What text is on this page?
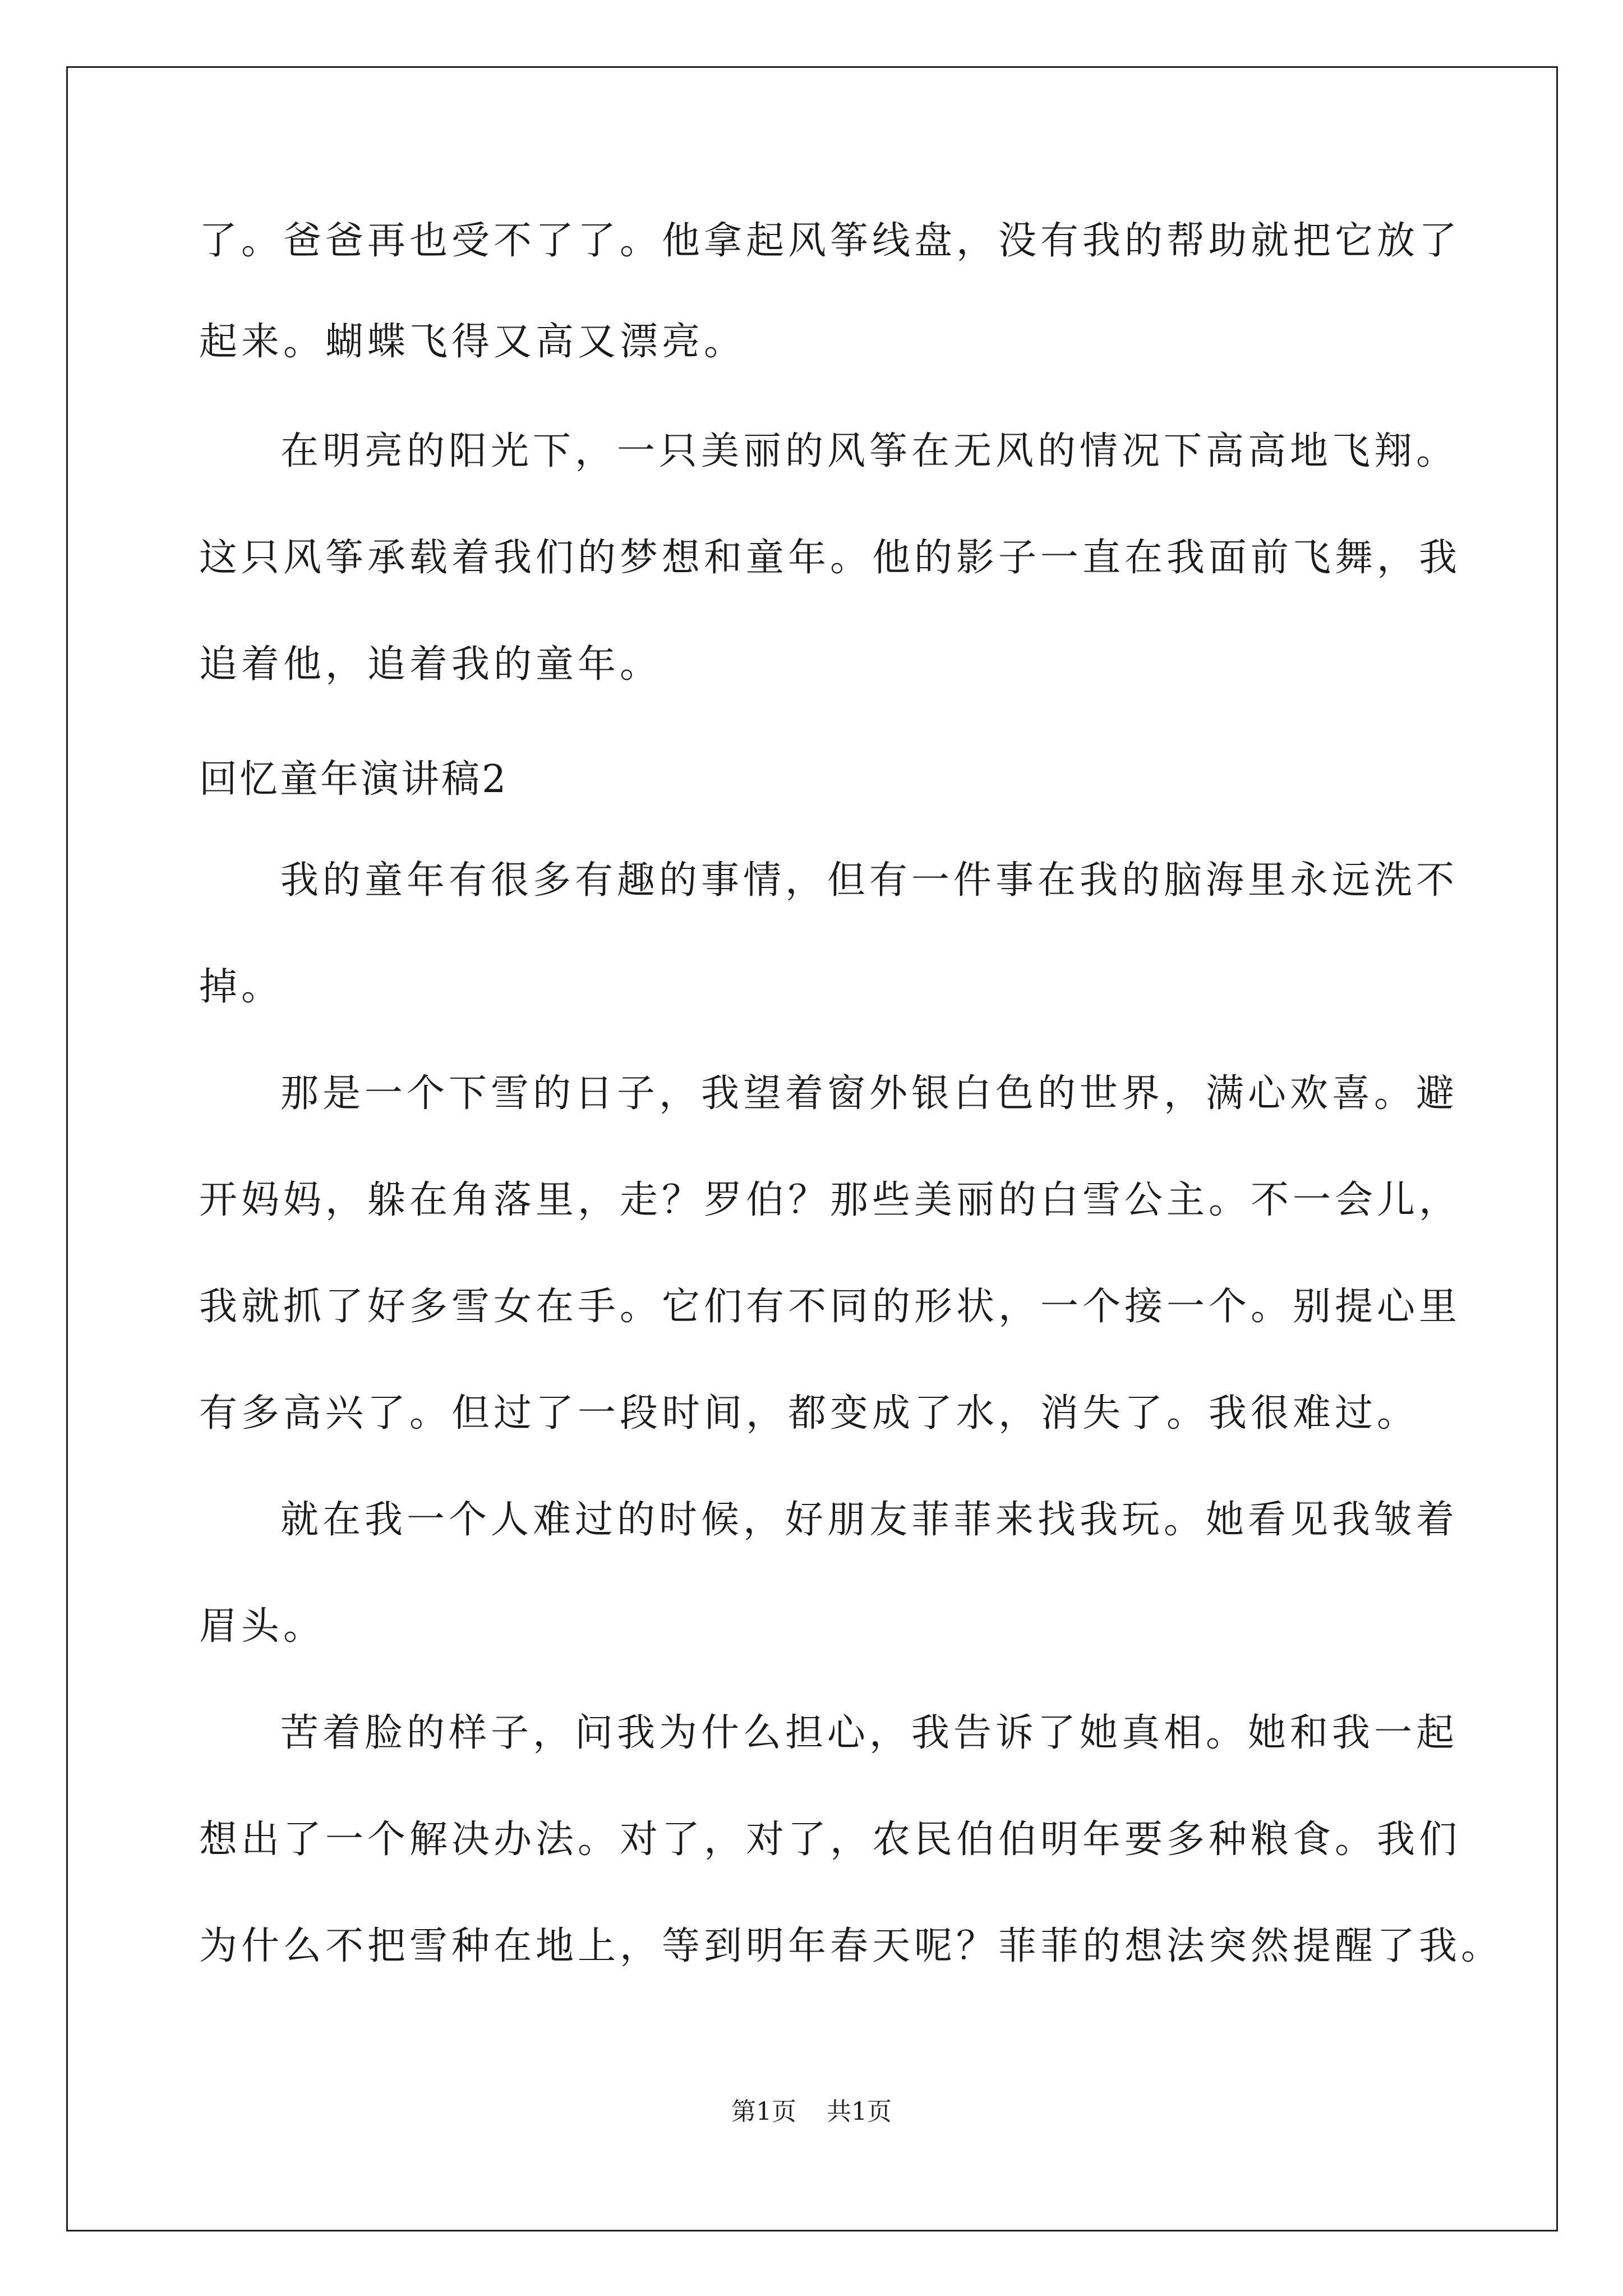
了。爸爸再也受不了了。他拿起风筝线盘，没有我的帮助就把它放了
起来。蝴蝶飞得又高又漂亮。
在明亮的阳光下，一只美丽的风筝在无风的情况下高高地飞翔。
这只风筝承载着我们的梦想和童年。他的影子一直在我面前飞舞，我
追着他，追着我的童年。
回忆童年演讲稿2
我的童年有很多有趣的事情，但有一件事在我的脑海里永远洗不
掉。
那是一个下雪的日子，我望着窗外银白色的世界，满心欢喜。避
开妈妈，躲在角落里，走？罗伯？那些美丽的白雪公主。不一会儿，
我就抓了好多雪女在手。它们有不同的形状，一个接一个。别提心里
有多高兴了。但过了一段时间，都变成了水，消失了。我很难过。
就在我一个人难过的时候，好朋友菲菲来找我玩。她看见我皱着
眉头。
苦着脸的样子，问我为什么担心，我告诉了她真相。她和我一起
想出了一个解决办法。对了，对了，农民伯伯明年要多种粮食。我们
为什么不把雪种在地上，等到明年春天呢？菲菲的想法突然提醒了我。
第1页 共1页
